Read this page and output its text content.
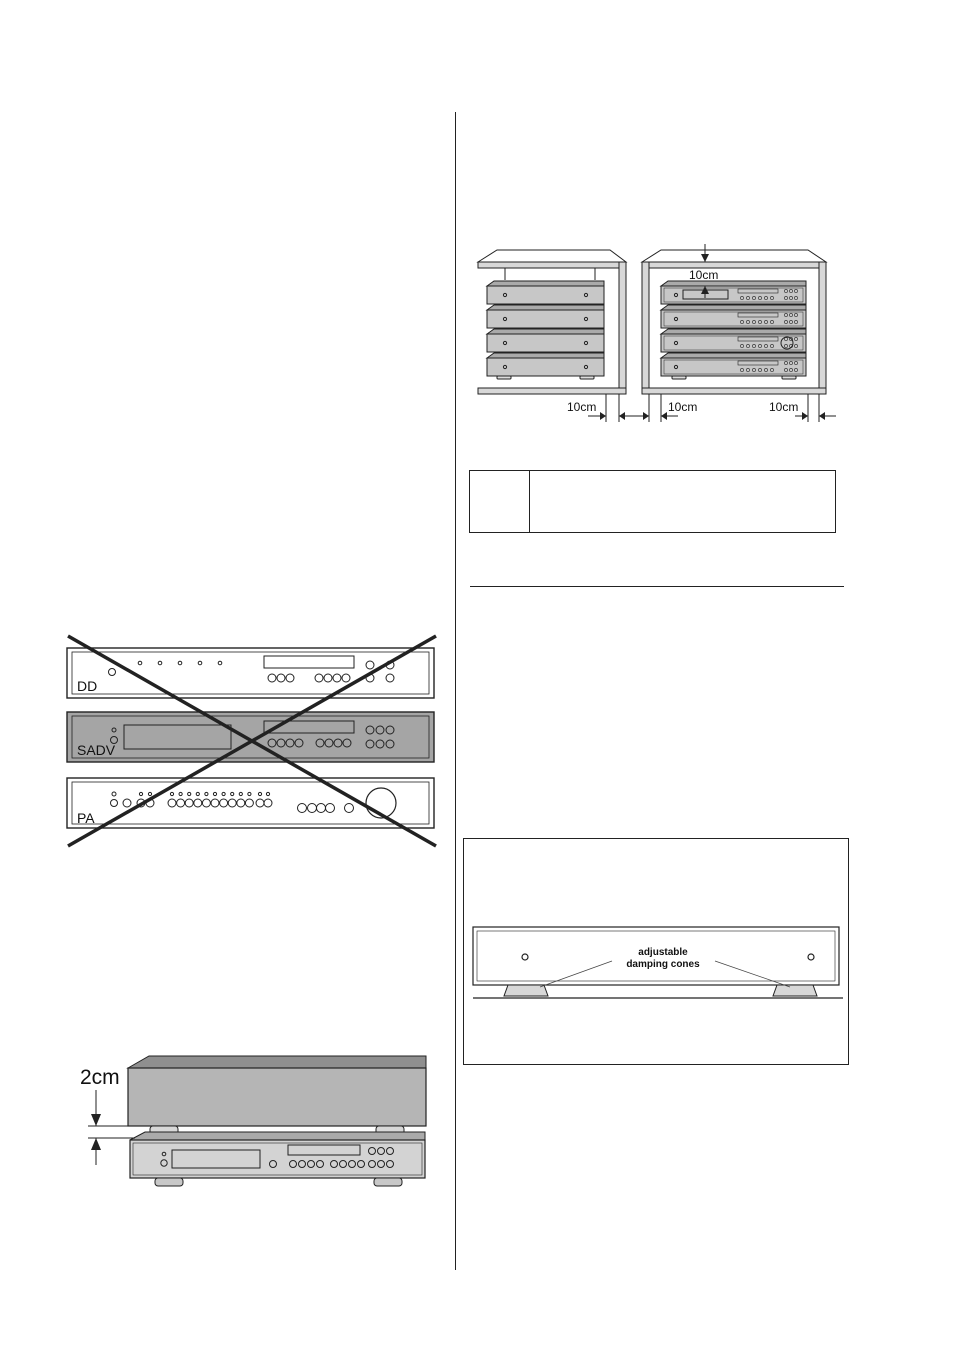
DD
SADV
PA
2cm
10cm
10cm	10cm	10cm
adjustable
damping cones
